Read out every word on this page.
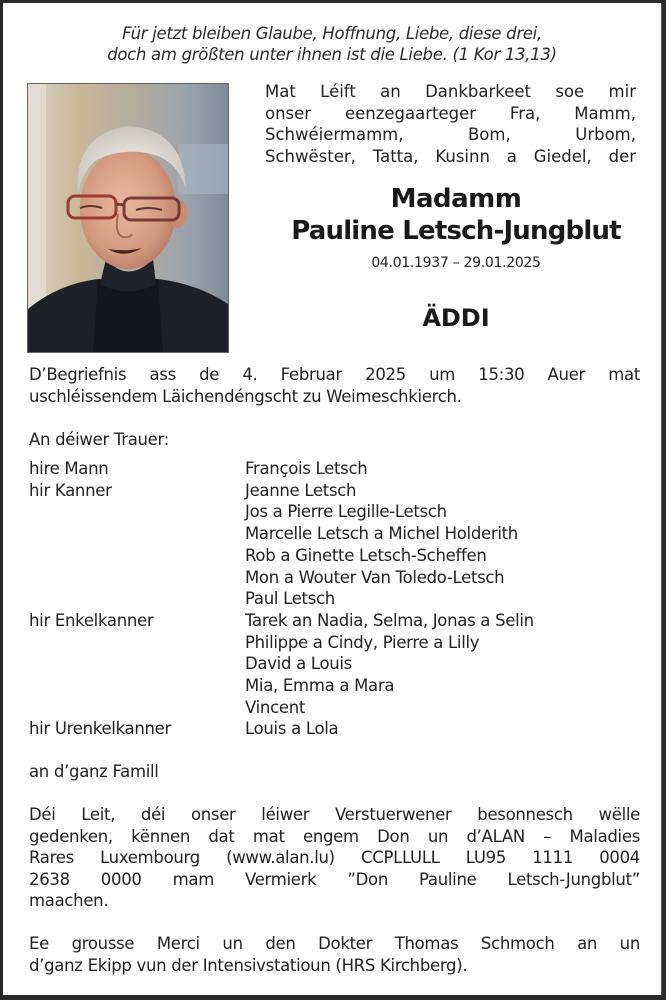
Für jetzt bleiben Glaube, Hoffnung, Liebe, diese drei,
doch am größten unter ihnen ist die Liebe. (1 Kor 13,13)
Mat Léift an Dankbarkeet soe mir
onser eenzegaarteger Fra, Mamm,
Schwéiermamm, Bom, Urbom,
Schwëster, Tatta, Kusinn a Giedel, der
Madamm
Pauline Letsch-Jungblut
04.01.1937 – 29.01.2025
ÄDDI
D’Begriefnis ass de 4. Februar 2025 um 15:30 Auer mat
uschléissendem Läichendéngscht zu Weimeschkierch.
An déiwer Trauer:
hire Mann	François Letsch
hir Kanner	Jeanne Letsch
Jos a Pierre Legille-Letsch
Marcelle Letsch a Michel Holderith
Rob a Ginette Letsch-Scheffen
Mon a Wouter Van Toledo-Letsch
Paul Letsch
hir Enkelkanner	Tarek an Nadia, Selma, Jonas a Selin
Philippe a Cindy, Pierre a Lilly
David a Louis
Mia, Emma a Mara
Vincent
hir Urenkelkanner	Louis a Lola
an d’ganz Famill
Déi Leit, déi onser léiwer Verstuerwener besonnesch wëlle
gedenken, kënnen dat mat engem Don un d’ALAN – Maladies
Rares Luxembourg (www.alan.lu) CCPLLULL LU95 1111 0004
2638 0000 mam Vermierk ”Don Pauline Letsch-Jungblut”
maachen.
Ee grousse Merci un den Dokter Thomas Schmoch an un
d’ganz Ekipp vun der Intensivstatioun (HRS Kirchberg).
